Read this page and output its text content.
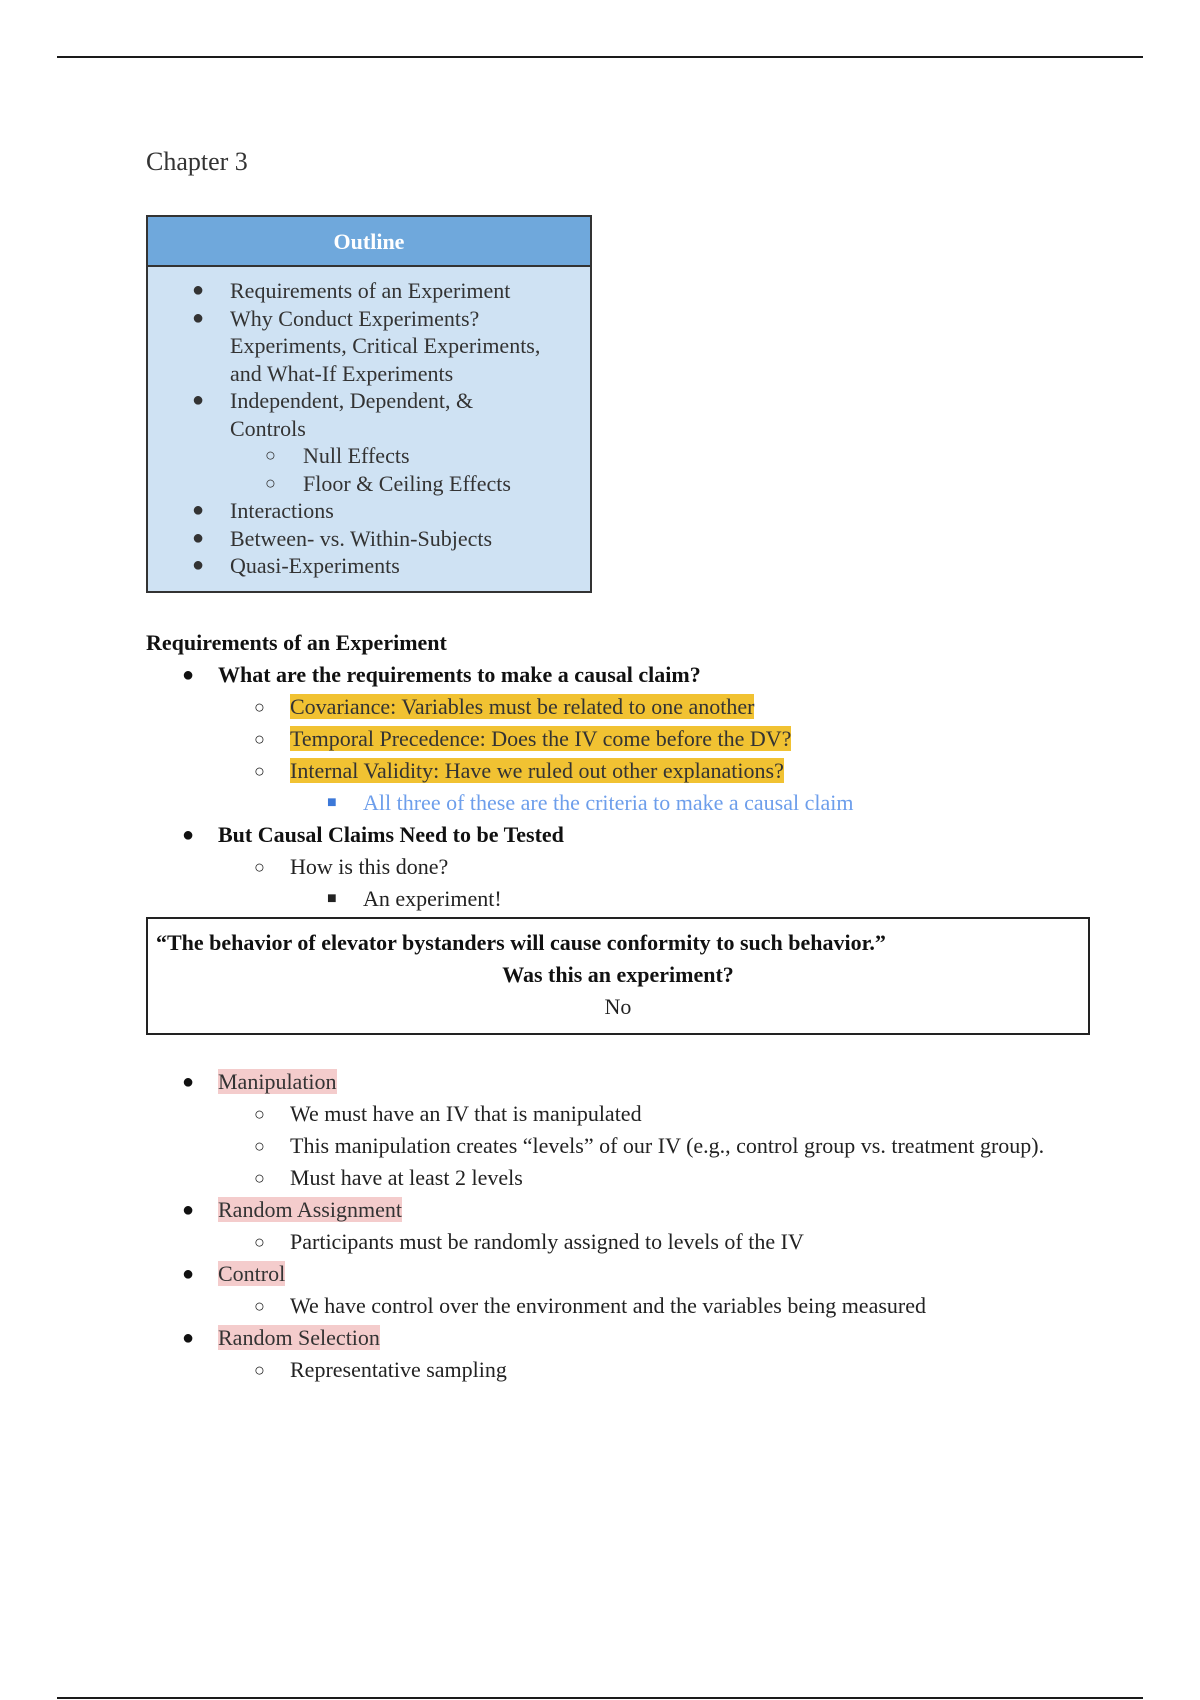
Chapter 3
Outline
● Requirements of an Experiment
● Why Conduct Experiments?
Experiments, Critical Experiments,
and What-If Experiments
● Independent, Dependent, &
Controls
○ Null Effects
○ Floor & Ceiling Effects
● Interactions
● Between- vs. Within-Subjects
● Quasi-Experiments
Requirements of an Experiment
● What are the requirements to make a causal claim?
○ Covariance: Variables must be related to one another
○ Temporal Precedence: Does the IV come before the DV?
○ Internal Validity: Have we ruled out other explanations?
■ All three of these are the criteria to make a causal claim
● But Causal Claims Need to be Tested
○ How is this done?
■ An experiment!
“The behavior of elevator bystanders will cause conformity to such behavior.”
Was this an experiment?
No
● Manipulation
○ We must have an IV that is manipulated
○ This manipulation creates “levels” of our IV (e.g., control group vs. treatment group).
○ Must have at least 2 levels
● Random Assignment
○ Participants must be randomly assigned to levels of the IV
● Control
○ We have control over the environment and the variables being measured
● Random Selection
○ Representative sampling
